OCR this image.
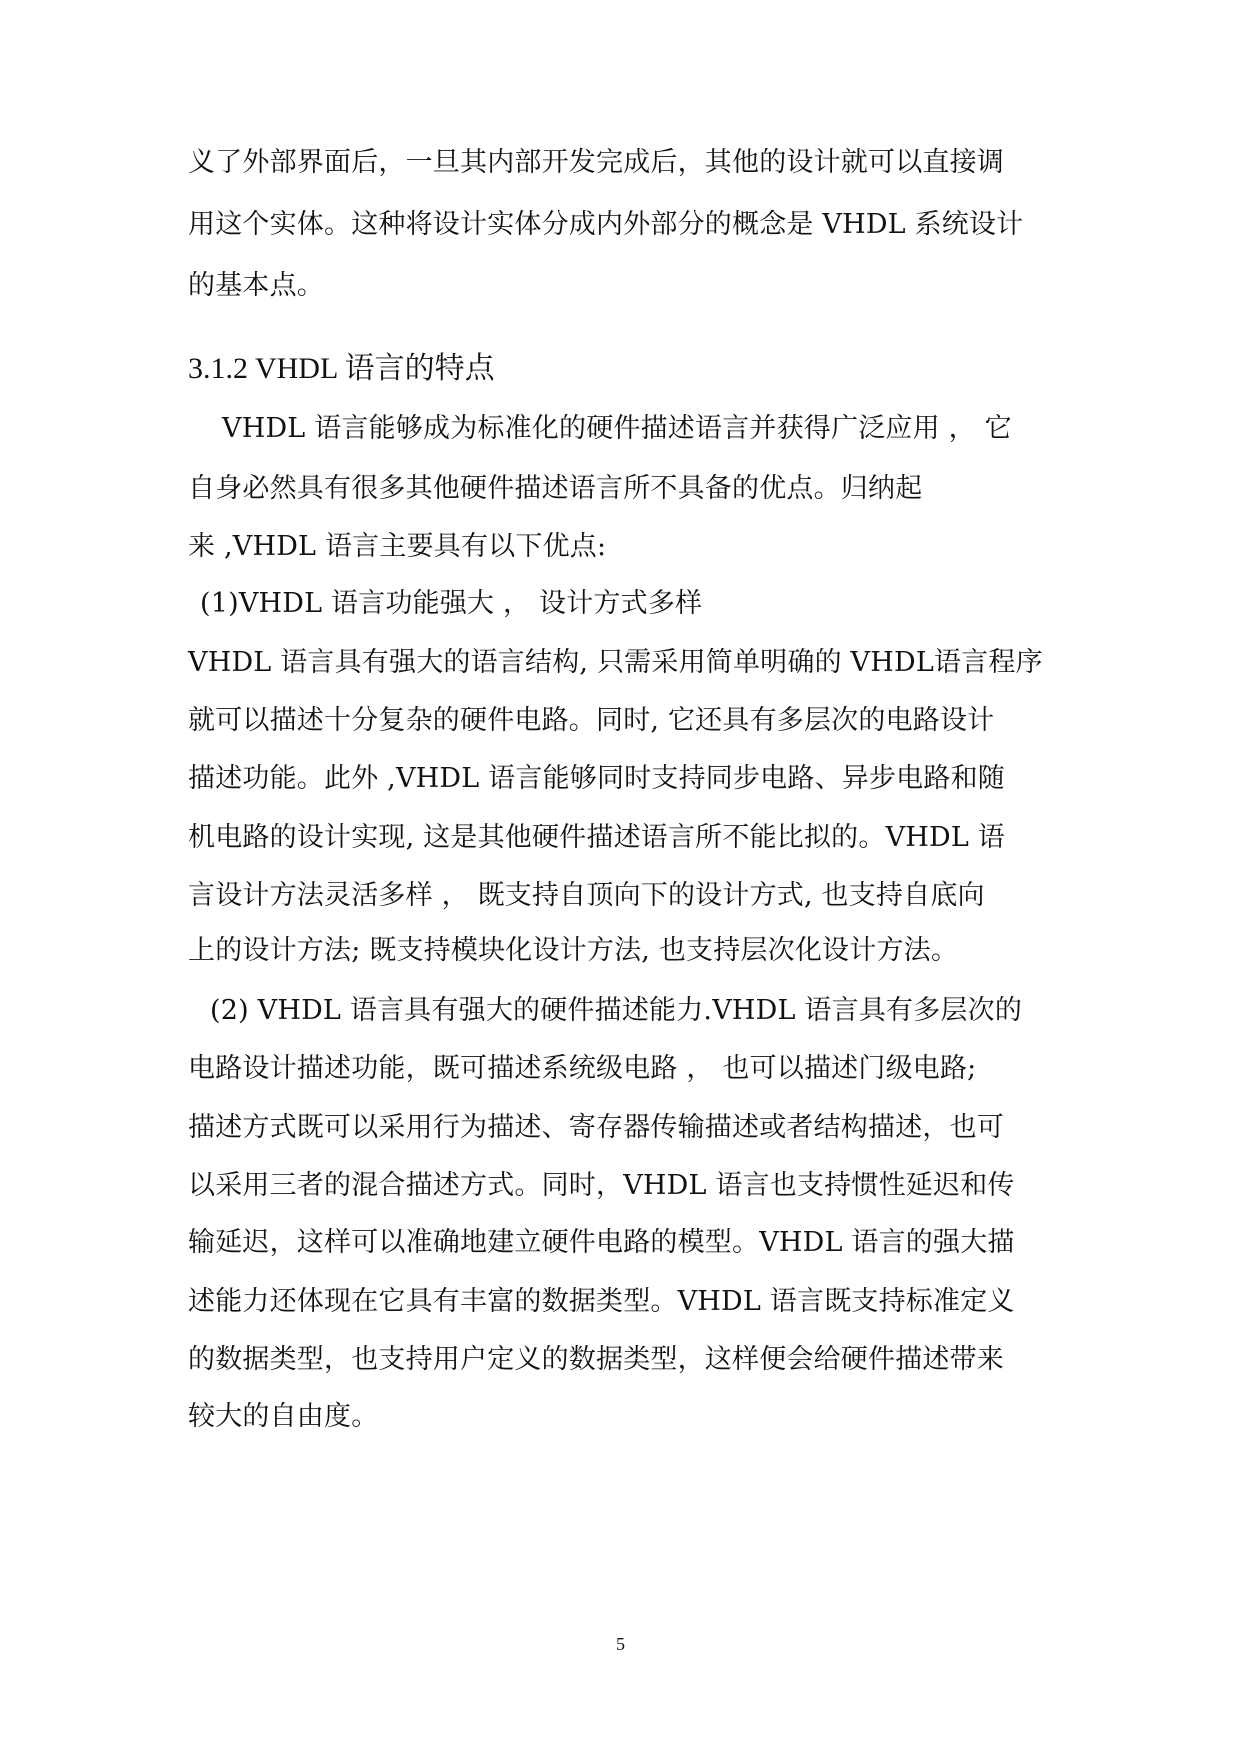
义了外部界面后，一旦其内部开发完成后，其他的设计就可以直接调
用这个实体。这种将设计实体分成内外部分的概念是 VHDL 系统设计
的基本点。
3.1.2 VHDL 语言的特点
VHDL 语言能够成为标准化的硬件描述语言并获得广泛应用 ， 它
自身必然具有很多其他硬件描述语言所不具备的优点。归纳起
来 ,VHDL 语言主要具有以下优点:
(1)VHDL 语言功能强大 ， 设计方式多样
VHDL 语言具有强大的语言结构, 只需采用简单明确的 VHDL语言程序
就可以描述十分复杂的硬件电路。同时, 它还具有多层次的电路设计
描述功能。此外 ,VHDL 语言能够同时支持同步电路、异步电路和随
机电路的设计实现, 这是其他硬件描述语言所不能比拟的。VHDL 语
言设计方法灵活多样 ， 既支持自顶向下的设计方式, 也支持自底向
上的设计方法; 既支持模块化设计方法, 也支持层次化设计方法。
(2) VHDL 语言具有强大的硬件描述能力.VHDL 语言具有多层次的
电路设计描述功能，既可描述系统级电路 ， 也可以描述门级电路;
描述方式既可以采用行为描述、寄存器传输描述或者结构描述，也可
以采用三者的混合描述方式。同时，VHDL 语言也支持惯性延迟和传
输延迟，这样可以准确地建立硬件电路的模型。VHDL 语言的强大描
述能力还体现在它具有丰富的数据类型。VHDL 语言既支持标准定义
的数据类型，也支持用户定义的数据类型，这样便会给硬件描述带来
较大的自由度。
5
